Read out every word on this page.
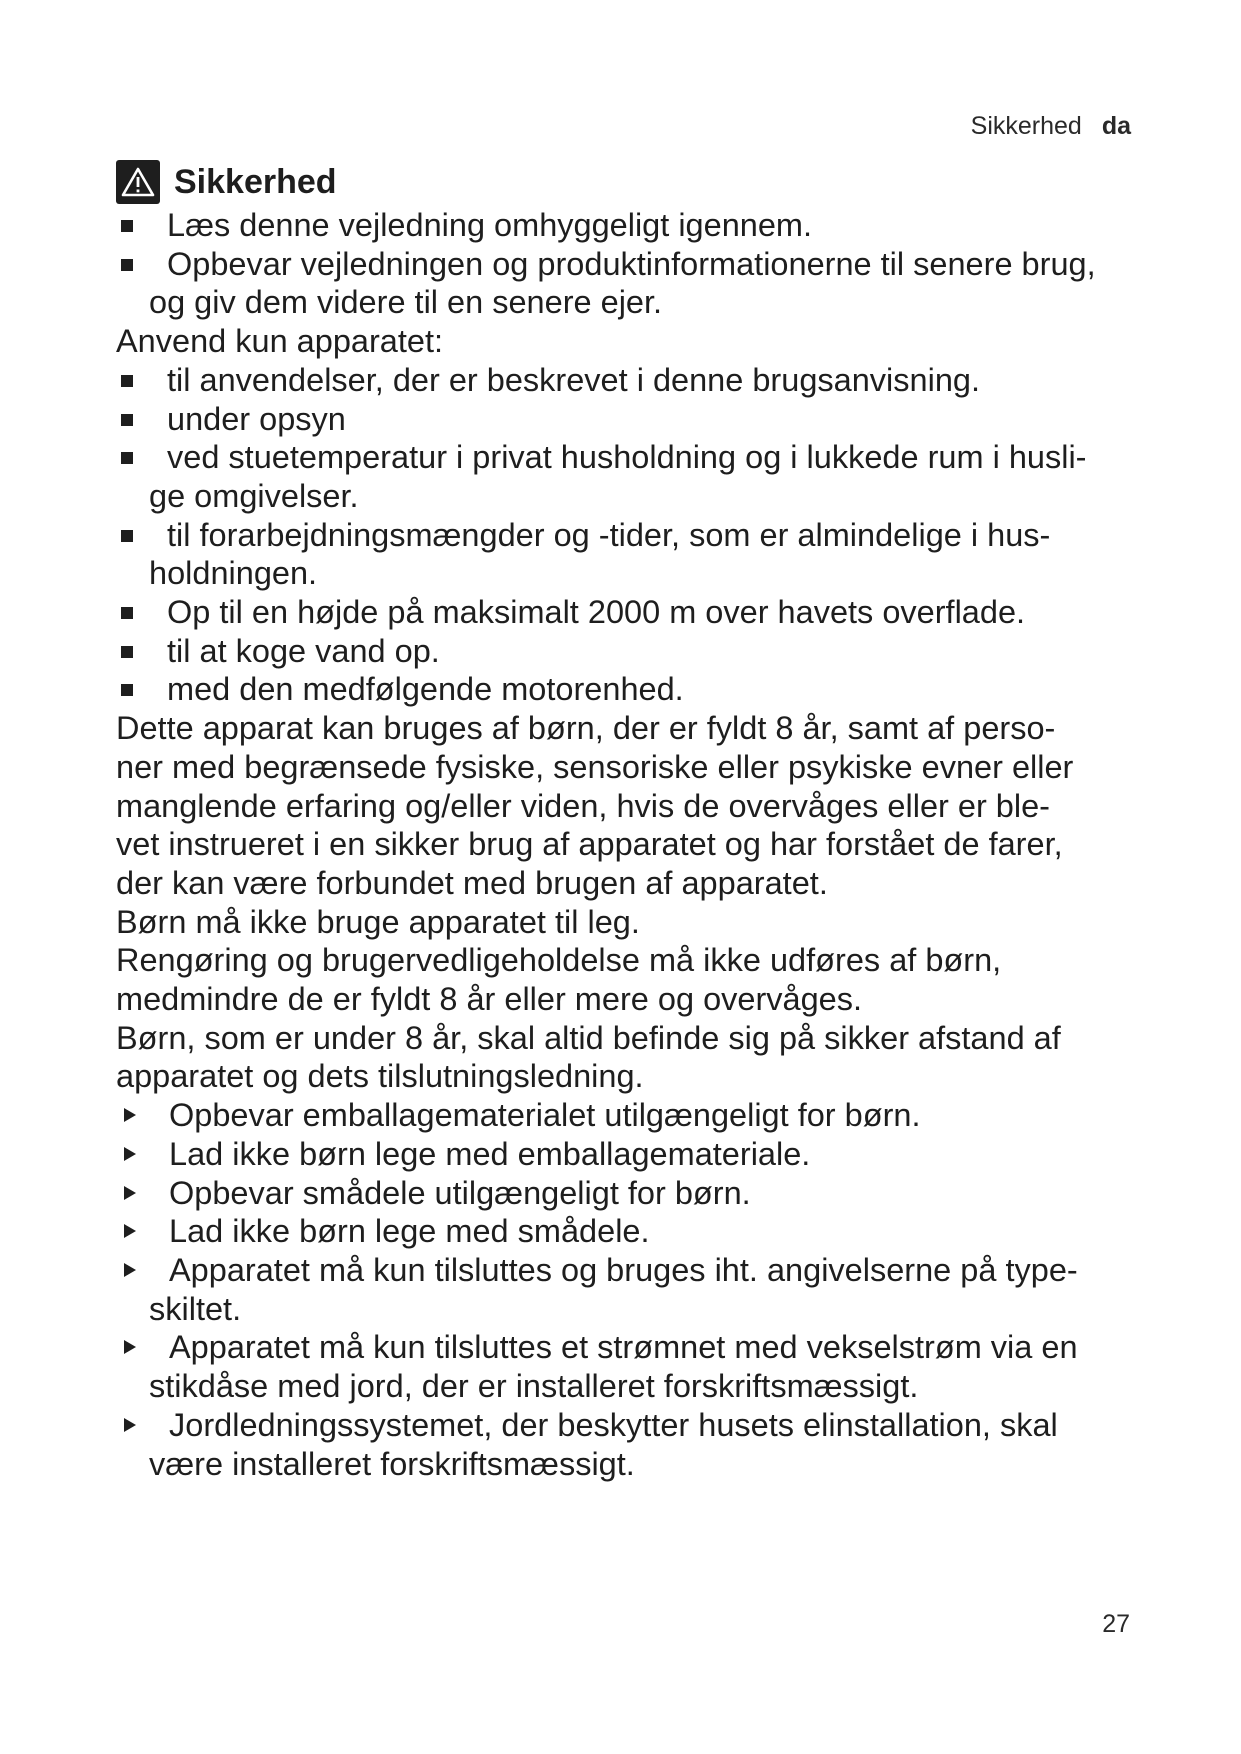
Sikkerhed da
Sikkerhed
Læs denne vejledning omhyggeligt igennem.
Opbevar vejledningen og produktinformationerne til senere brug,
og giv dem videre til en senere ejer.
Anvend kun apparatet:
til anvendelser, der er beskrevet i denne brugsanvisning.
under opsyn
ved stuetemperatur i privat husholdning og i lukkede rum i husli-
ge omgivelser.
til forarbejdningsmængder og -tider, som er almindelige i hus-
holdningen.
Op til en højde på maksimalt 2000 m over havets overflade.
til at koge vand op.
med den medfølgende motorenhed.
Dette apparat kan bruges af børn, der er fyldt 8 år, samt af perso-
ner med begrænsede fysiske, sensoriske eller psykiske evner eller
manglende erfaring og/eller viden, hvis de overvåges eller er ble-
vet instrueret i en sikker brug af apparatet og har forstået de farer,
der kan være forbundet med brugen af apparatet.
Børn må ikke bruge apparatet til leg.
Rengøring og brugervedligeholdelse må ikke udføres af børn,
medmindre de er fyldt 8 år eller mere og overvåges.
Børn, som er under 8 år, skal altid befinde sig på sikker afstand af
apparatet og dets tilslutningsledning.
Opbevar emballagematerialet utilgængeligt for børn.
Lad ikke børn lege med emballagemateriale.
Opbevar smådele utilgængeligt for børn.
Lad ikke børn lege med smådele.
Apparatet må kun tilsluttes og bruges iht. angivelserne på type-
skiltet.
Apparatet må kun tilsluttes et strømnet med vekselstrøm via en
stikdåse med jord, der er installeret forskriftsmæssigt.
Jordledningssystemet, der beskytter husets elinstallation, skal
være installeret forskriftsmæssigt.
27
